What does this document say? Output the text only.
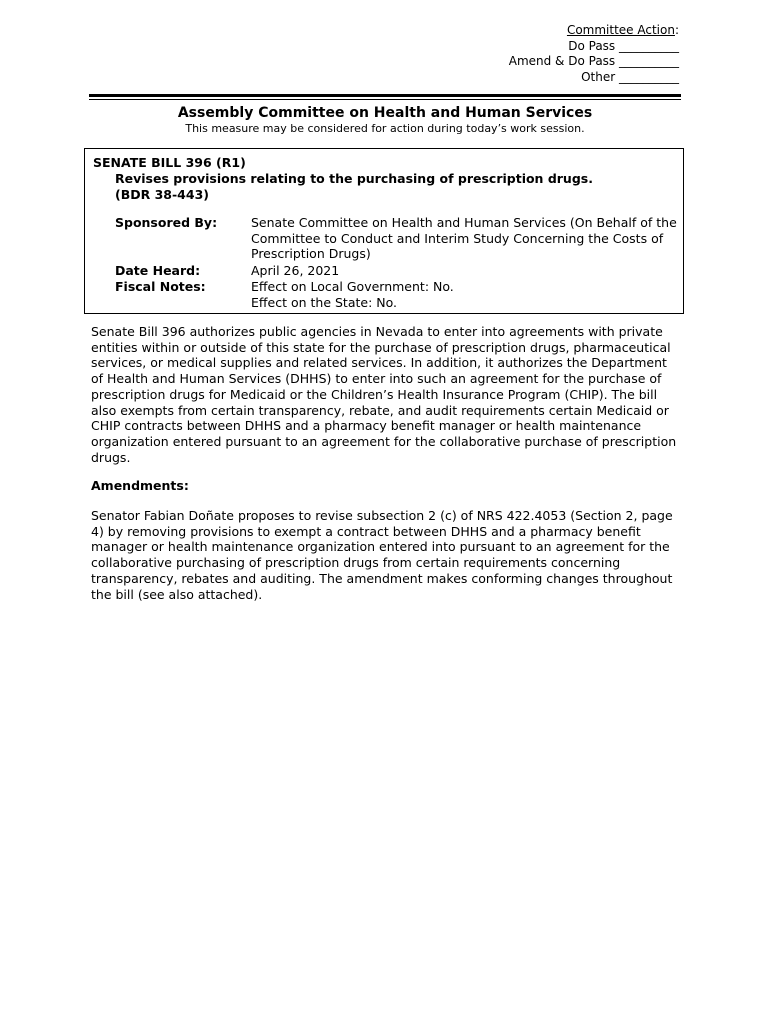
Committee Action:
Do Pass __________
Amend & Do Pass __________
Other __________
Assembly Committee on Health and Human Services
This measure may be considered for action during today’s work session.
SENATE BILL 396 (R1)
Revises provisions relating to the purchasing of prescription drugs.
(BDR 38-443)
Sponsored By:	Senate Committee on Health and Human Services (On Behalf of the Committee to Conduct and Interim Study Concerning the Costs of Prescription Drugs)
Date Heard:	April 26, 2021
Fiscal Notes:	Effect on Local Government: No.
Effect on the State: No.

Senate Bill 396 authorizes public agencies in Nevada to enter into agreements with private entities within or outside of this state for the purchase of prescription drugs, pharmaceutical services, or medical supplies and related services. In addition, it authorizes the Department of Health and Human Services (DHHS) to enter into such an agreement for the purchase of prescription drugs for Medicaid or the Children’s Health Insurance Program (CHIP). The bill also exempts from certain transparency, rebate, and audit requirements certain Medicaid or CHIP contracts between DHHS and a pharmacy benefit manager or health maintenance organization entered pursuant to an agreement for the collaborative purchase of prescription drugs.

Amendments:

Senator Fabian Doñate proposes to revise subsection 2 (c) of NRS 422.4053 (Section 2, page 4) by removing provisions to exempt a contract between DHHS and a pharmacy benefit manager or health maintenance organization entered into pursuant to an agreement for the collaborative purchasing of prescription drugs from certain requirements concerning transparency, rebates and auditing. The amendment makes conforming changes throughout the bill (see also attached).
